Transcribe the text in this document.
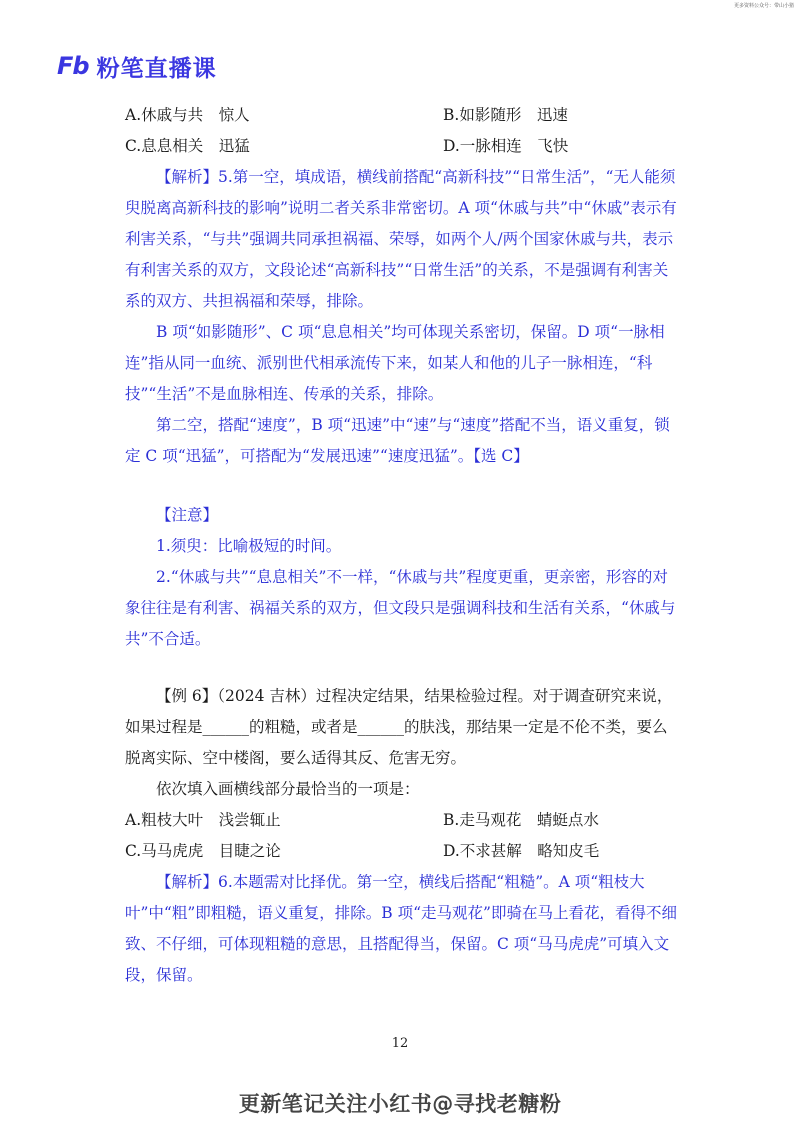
更多资料公众号：带山小猪
Fb 粉笔直播课
A.休戚与共　惊人	B.如影随形　迅速
C.息息相关　迅猛	D.一脉相连　飞快

【解析】5.第一空，填成语，横线前搭配“高新科技”“日常生活”，“无人能须臾脱离高新科技的影响”说明二者关系非常密切。A 项“休戚与共”中“休戚”表示有利害关系，“与共”强调共同承担祸福、荣辱，如两个人/两个国家休戚与共，表示有利害关系的双方，文段论述“高新科技”“日常生活”的关系，不是强调有利害关系的双方、共担祸福和荣辱，排除。

B 项“如影随形”、C 项“息息相关”均可体现关系密切，保留。D 项“一脉相连”指从同一血统、派别世代相承流传下来，如某人和他的儿子一脉相连，“科技”“生活”不是血脉相连、传承的关系，排除。

第二空，搭配“速度”，B 项“迅速”中“速”与“速度”搭配不当，语义重复，锁定 C 项“迅猛”，可搭配为“发展迅速”“速度迅猛”。【选 C】

【注意】

1.须臾：比喻极短的时间。

2.“休戚与共”“息息相关”不一样，“休戚与共”程度更重，更亲密，形容的对象往往是有利害、祸福关系的双方，但文段只是强调科技和生活有关系，“休戚与共”不合适。

【例 6】（2024 吉林）过程决定结果，结果检验过程。对于调查研究来说，如果过程是______的粗糙，或者是______的肤浅，那结果一定是不伦不类，要么脱离实际、空中楼阁，要么适得其反、危害无穷。

依次填入画横线部分最恰当的一项是：

A.粗枝大叶　浅尝辄止	B.走马观花　蜻蜓点水
C.马马虎虎　目睫之论	D.不求甚解　略知皮毛

【解析】6.本题需对比择优。第一空，横线后搭配“粗糙”。A 项“粗枝大叶”中“粗”即粗糙，语义重复，排除。B 项“走马观花”即骑在马上看花，看得不细致、不仔细，可体现粗糙的意思，且搭配得当，保留。C 项“马马虎虎”可填入文段，保留。

12
更新笔记关注小红书@寻找老糖粉
